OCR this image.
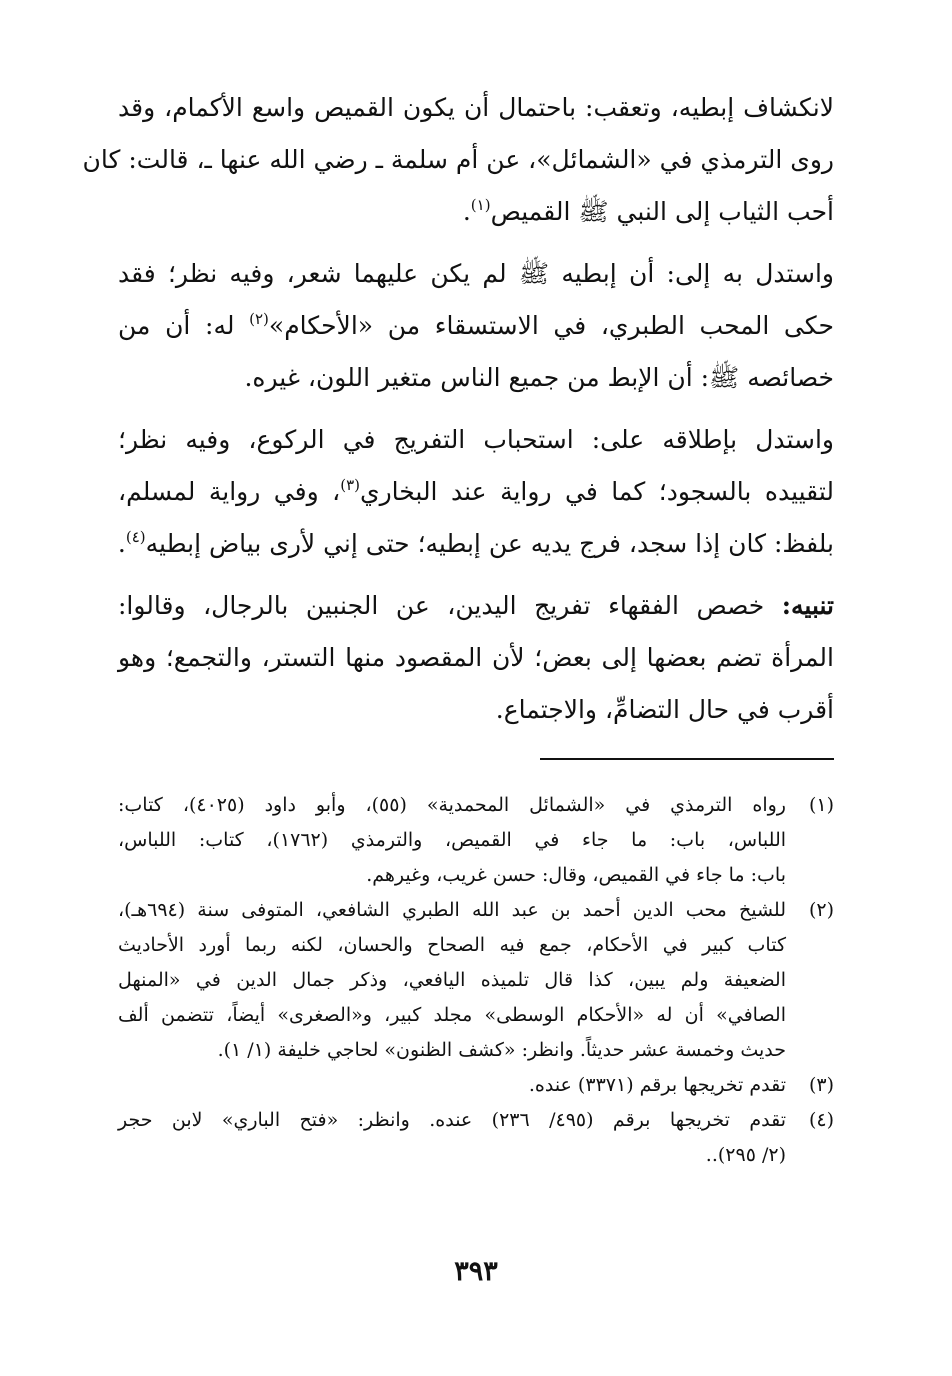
لانكشاف إبطيه، وتعقب: باحتمال أن يكون القميص واسع الأكمام، وقد
روى الترمذي في «الشمائل»، عن أم سلمة ـ رضي الله عنها ـ، قالت: كان
أحب الثياب إلى النبي ﷺ القميص$^{(١)}$.
واستدل به إلى: أن إبطيه ﷺ لم يكن عليهما شعر، وفيه نظر؛ فقد
حكى المحب الطبري، في الاستسقاء من «الأحكام»$^{(٢)}$ له: أن من
خصائصه ﷺ: أن الإبط من جميع الناس متغير اللون، غيره.
واستدل بإطلاقه على: استحباب التفريج في الركوع، وفيه نظر؛
لتقييده بالسجود؛ كما في رواية عند البخاري$^{(٣)}$، وفي رواية لمسلم،
بلفظ: كان إذا سجد، فرج يديه عن إبطيه؛ حتى إني لأرى بياض إبطيه$^{(٤)}$.
تنبيه: خصص الفقهاء تفريج اليدين، عن الجنبين بالرجال، وقالوا:
المرأة تضم بعضها إلى بعض؛ لأن المقصود منها التستر، والتجمع؛ وهو
أقرب في حال التضامِّ، والاجتماع.
(١)
رواه الترمذي في «الشمائل المحمدية» (٥٥)، وأبو داود (٤٠٢٥)، كتاب:
اللباس، باب: ما جاء في القميص، والترمذي (١٧٦٢)، كتاب: اللباس،
باب: ما جاء في القميص، وقال: حسن غريب، وغيرهم.
(٢)
للشيخ محب الدين أحمد بن عبد الله الطبري الشافعي، المتوفى سنة (٦٩٤هـ)،
كتاب كبير في الأحكام، جمع فيه الصحاح والحسان، لكنه ربما أورد الأحاديث
الضعيفة ولم يبين، كذا قال تلميذه اليافعي، وذكر جمال الدين في «المنهل
الصافي» أن له «الأحكام الوسطى» مجلد كبير، و«الصغرى» أيضاً، تتضمن ألف
حديث وخمسة عشر حديثاً. وانظر: «كشف الظنون» لحاجي خليفة (١/ ١).
(٣)
تقدم تخريجها برقم (٣٣٧١) عنده.
(٤)
تقدم تخريجها برقم (٤٩٥/ ٢٣٦) عنده. وانظر: «فتح الباري» لابن حجر
(٢/ ٢٩٥)..
٣٩٣
